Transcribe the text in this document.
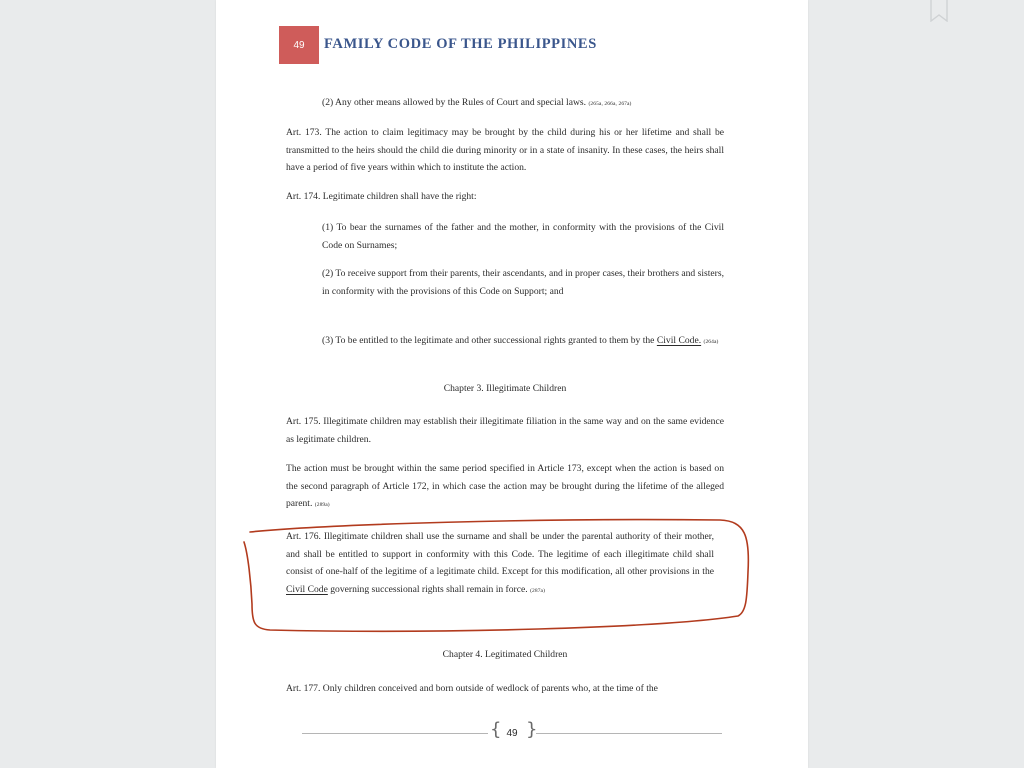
49	FAMILY CODE OF THE PHILIPPINES

(2) Any other means allowed by the Rules of Court and special laws. (265a, 266a, 267a)

Art. 173. The action to claim legitimacy may be brought by the child during his or her lifetime and shall be transmitted to the heirs should the child die during minority or in a state of insanity. In these cases, the heirs shall have a period of five years within which to institute the action.

Art. 174. Legitimate children shall have the right:

(1) To bear the surnames of the father and the mother, in conformity with the provisions of the Civil Code on Surnames;

(2) To receive support from their parents, their ascendants, and in proper cases, their brothers and sisters, in conformity with the provisions of this Code on Support; and

(3) To be entitled to the legitimate and other successional rights granted to them by the Civil Code. (264a)

Chapter 3. Illegitimate Children

Art. 175. Illegitimate children may establish their illegitimate filiation in the same way and on the same evidence as legitimate children.

The action must be brought within the same period specified in Article 173, except when the action is based on the second paragraph of Article 172, in which case the action may be brought during the lifetime of the alleged parent. (289a)

Art. 176. Illegitimate children shall use the surname and shall be under the parental authority of their mother, and shall be entitled to support in conformity with this Code. The legitime of each illegitimate child shall consist of one-half of the legitime of a legitimate child. Except for this modification, all other provisions in the Civil Code governing successional rights shall remain in force. (287a)

Chapter 4. Legitimated Children

Art. 177. Only children conceived and born outside of wedlock of parents who, at the time of the

{ 49 }
